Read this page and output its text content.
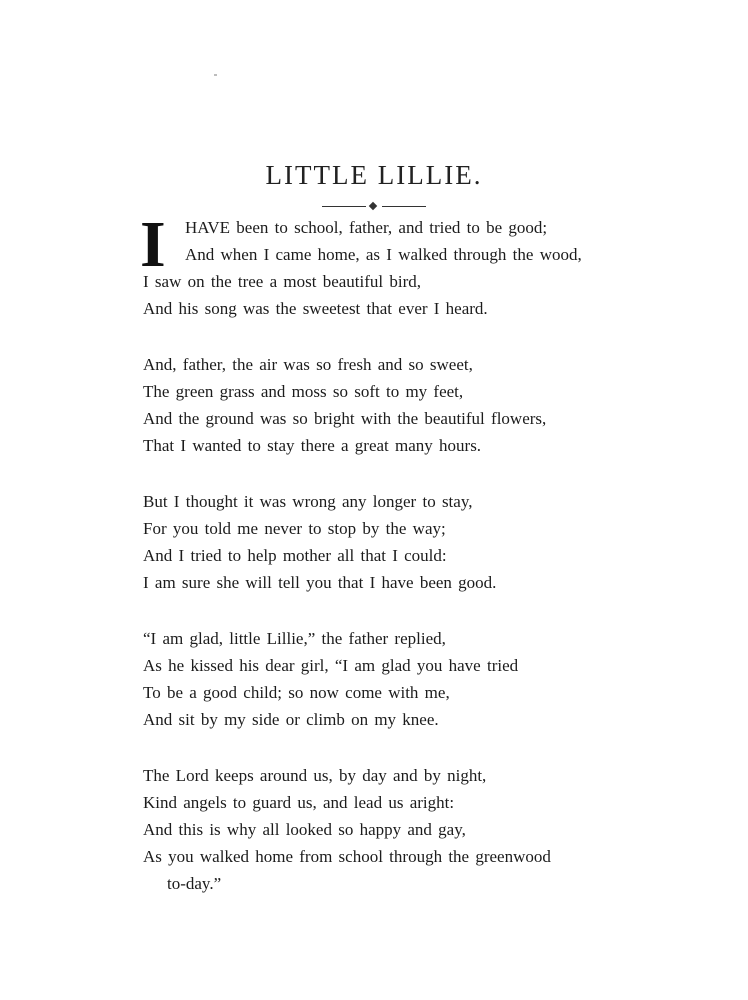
LITTLE LILLIE.
I	HAVE been to school, father, and tried to be good;
And when I came home, as I walked through the wood,
I saw on the tree a most beautiful bird,
And his song was the sweetest that ever I heard.
And, father, the air was so fresh and so sweet,
The green grass and moss so soft to my feet,
And the ground was so bright with the beautiful flowers,
That I wanted to stay there a great many hours.
But I thought it was wrong any longer to stay,
For you told me never to stop by the way;
And I tried to help mother all that I could:
I am sure she will tell you that I have been good.
“I am glad, little Lillie,” the father replied,
As he kissed his dear girl, “I am glad you have tried
To be a good child; so now come with me,
And sit by my side or climb on my knee.
The Lord keeps around us, by day and by night,
Kind angels to guard us, and lead us aright:
And this is why all looked so happy and gay,
As you walked home from school through the greenwood
to-day.”
